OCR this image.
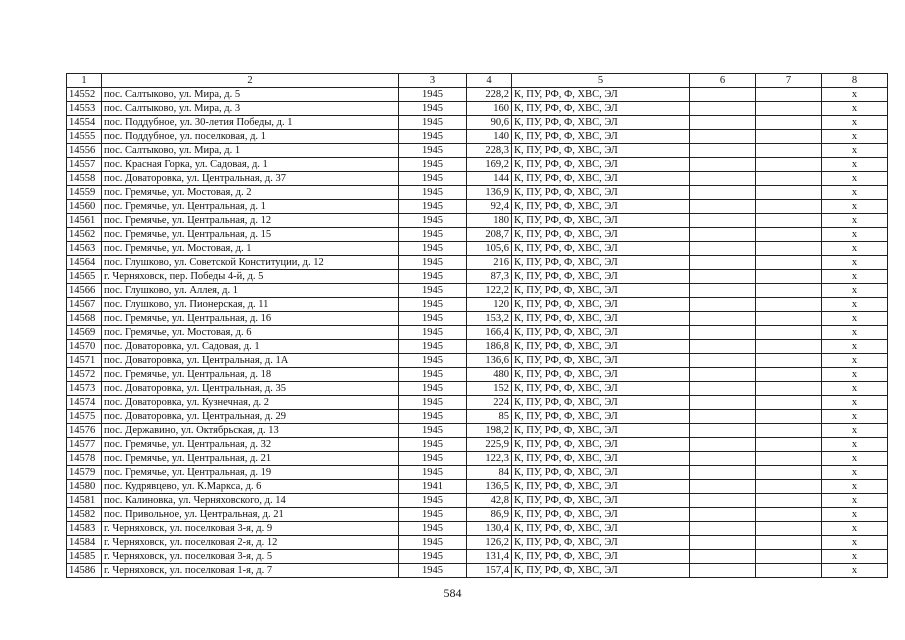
1	2	3	4	5	6	7	8
14552	пос. Салтыково, ул. Мира, д. 5	1945	228,2	К, ПУ, РФ, Ф, ХВС, ЭЛ			х
14553	пос. Салтыково, ул. Мира, д. 3	1945	160	К, ПУ, РФ, Ф, ХВС, ЭЛ			х
14554	пос. Поддубное, ул. 30-летия Победы, д. 1	1945	90,6	К, ПУ, РФ, Ф, ХВС, ЭЛ			х
14555	пос. Поддубное, ул. поселковая, д. 1	1945	140	К, ПУ, РФ, Ф, ХВС, ЭЛ			х
14556	пос. Салтыково, ул. Мира, д. 1	1945	228,3	К, ПУ, РФ, Ф, ХВС, ЭЛ			х
14557	пос. Красная Горка, ул. Садовая, д. 1	1945	169,2	К, ПУ, РФ, Ф, ХВС, ЭЛ			х
14558	пос. Доваторовка, ул. Центральная, д. 37	1945	144	К, ПУ, РФ, Ф, ХВС, ЭЛ			х
14559	пос. Гремячье, ул. Мостовая, д. 2	1945	136,9	К, ПУ, РФ, Ф, ХВС, ЭЛ			х
14560	пос. Гремячье, ул. Центральная, д. 1	1945	92,4	К, ПУ, РФ, Ф, ХВС, ЭЛ			х
14561	пос. Гремячье, ул. Центральная, д. 12	1945	180	К, ПУ, РФ, Ф, ХВС, ЭЛ			х
14562	пос. Гремячье, ул. Центральная, д. 15	1945	208,7	К, ПУ, РФ, Ф, ХВС, ЭЛ			х
14563	пос. Гремячье, ул. Мостовая, д. 1	1945	105,6	К, ПУ, РФ, Ф, ХВС, ЭЛ			х
14564	пос. Глушково, ул. Советской Конституции, д. 12	1945	216	К, ПУ, РФ, Ф, ХВС, ЭЛ			х
14565	г. Черняховск, пер. Победы 4-й, д. 5	1945	87,3	К, ПУ, РФ, Ф, ХВС, ЭЛ			х
14566	пос. Глушково, ул. Аллея, д. 1	1945	122,2	К, ПУ, РФ, Ф, ХВС, ЭЛ			х
14567	пос. Глушково, ул. Пионерская, д. 11	1945	120	К, ПУ, РФ, Ф, ХВС, ЭЛ			х
14568	пос. Гремячье, ул. Центральная, д. 16	1945	153,2	К, ПУ, РФ, Ф, ХВС, ЭЛ			х
14569	пос. Гремячье, ул. Мостовая, д. 6	1945	166,4	К, ПУ, РФ, Ф, ХВС, ЭЛ			х
14570	пос. Доваторовка, ул. Садовая, д. 1	1945	186,8	К, ПУ, РФ, Ф, ХВС, ЭЛ			х
14571	пос. Доваторовка, ул. Центральная, д. 1А	1945	136,6	К, ПУ, РФ, Ф, ХВС, ЭЛ			х
14572	пос. Гремячье, ул. Центральная, д. 18	1945	480	К, ПУ, РФ, Ф, ХВС, ЭЛ			х
14573	пос. Доваторовка, ул. Центральная, д. 35	1945	152	К, ПУ, РФ, Ф, ХВС, ЭЛ			х
14574	пос. Доваторовка, ул. Кузнечная, д. 2	1945	224	К, ПУ, РФ, Ф, ХВС, ЭЛ			х
14575	пос. Доваторовка, ул. Центральная, д. 29	1945	85	К, ПУ, РФ, Ф, ХВС, ЭЛ			х
14576	пос. Державино, ул. Октябрьская, д. 13	1945	198,2	К, ПУ, РФ, Ф, ХВС, ЭЛ			х
14577	пос. Гремячье, ул. Центральная, д. 32	1945	225,9	К, ПУ, РФ, Ф, ХВС, ЭЛ			х
14578	пос. Гремячье, ул. Центральная, д. 21	1945	122,3	К, ПУ, РФ, Ф, ХВС, ЭЛ			х
14579	пос. Гремячье, ул. Центральная, д. 19	1945	84	К, ПУ, РФ, Ф, ХВС, ЭЛ			х
14580	пос. Кудрявцево, ул. К.Маркса, д. 6	1941	136,5	К, ПУ, РФ, Ф, ХВС, ЭЛ			х
14581	пос. Калиновка, ул. Черняховского, д. 14	1945	42,8	К, ПУ, РФ, Ф, ХВС, ЭЛ			х
14582	пос. Привольное, ул. Центральная, д. 21	1945	86,9	К, ПУ, РФ, Ф, ХВС, ЭЛ			х
14583	г. Черняховск, ул. поселковая 3-я, д. 9	1945	130,4	К, ПУ, РФ, Ф, ХВС, ЭЛ			х
14584	г. Черняховск, ул. поселковая 2-я, д. 12	1945	126,2	К, ПУ, РФ, Ф, ХВС, ЭЛ			х
14585	г. Черняховск, ул. поселковая 3-я, д. 5	1945	131,4	К, ПУ, РФ, Ф, ХВС, ЭЛ			х
14586	г. Черняховск, ул. поселковая 1-я, д. 7	1945	157,4	К, ПУ, РФ, Ф, ХВС, ЭЛ			х
584
